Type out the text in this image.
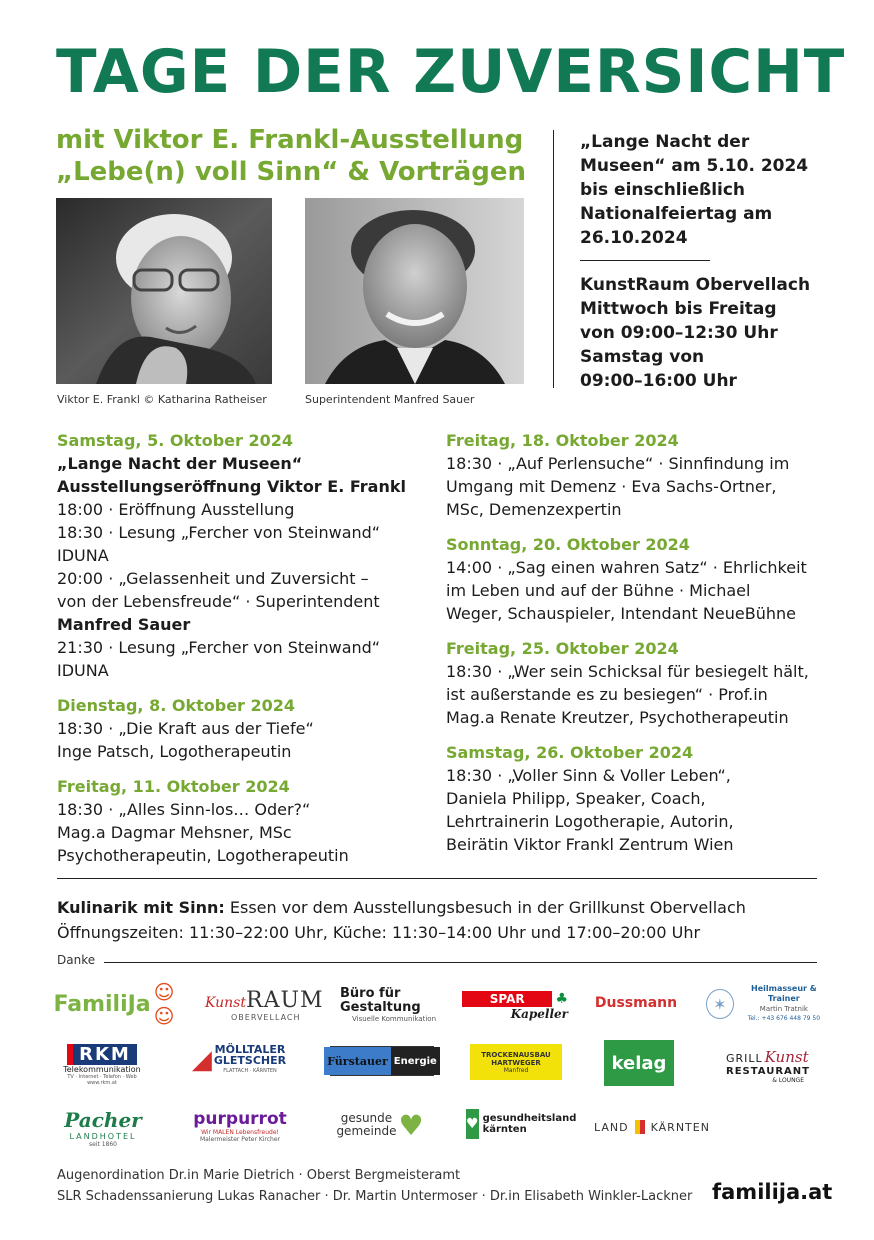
TAGE DER ZUVERSICHT
mit Viktor E. Frankl-Ausstellung
„Lebe(n) voll Sinn“ & Vorträgen
„Lange Nacht der
Museen“ am 5.10. 2024
bis einschließlich
Nationalfeiertag am
26.10.2024
KunstRaum Obervellach
Mittwoch bis Freitag
von 09:00–12:30 Uhr
Samstag von
09:00–16:00 Uhr
Viktor E. Frankl © Katharina Ratheiser	Superintendent Manfred Sauer
Samstag, 5. Oktober 2024
„Lange Nacht der Museen“
Ausstellungseröffnung Viktor E. Frankl
18:00 · Eröffnung Ausstellung
18:30 · Lesung „Fercher von Steinwand“
IDUNA
20:00 · „Gelassenheit und Zuversicht –
von der Lebensfreude“ · Superintendent
Manfred Sauer
21:30 · Lesung „Fercher von Steinwand“
IDUNA
Dienstag, 8. Oktober 2024
18:30 · „Die Kraft aus der Tiefe“
Inge Patsch, Logotherapeutin
Freitag, 11. Oktober 2024
18:30 · „Alles Sinn-los… Oder?“
Mag.a Dagmar Mehsner, MSc
Psychotherapeutin, Logotherapeutin
Freitag, 18. Oktober 2024
18:30 · „Auf Perlensuche“ · Sinnfindung im
Umgang mit Demenz · Eva Sachs-Ortner,
MSc, Demenzexpertin
Sonntag, 20. Oktober 2024
14:00 · „Sag einen wahren Satz“ · Ehrlichkeit
im Leben und auf der Bühne · Michael
Weger, Schauspieler, Intendant NeueBühne
Freitag, 25. Oktober 2024
18:30 · „Wer sein Schicksal für besiegelt hält,
ist außerstande es zu besiegen“ · Prof.in
Mag.a Renate Kreutzer, Psychotherapeutin
Samstag, 26. Oktober 2024
18:30 · „Voller Sinn & Voller Leben“,
Daniela Philipp, Speaker, Coach,
Lehrtrainerin Logotherapie, Autorin,
Beirätin Viktor Frankl Zentrum Wien
Kulinarik mit Sinn: Essen vor dem Ausstellungsbesuch in der Grillkunst Obervellach
Öffnungszeiten: 11:30–22:00 Uhr, Küche: 11:30–14:00 Uhr und 17:00–20:00 Uhr
Danke
FamiliJa ☺☺
KunstRAUM
OBERVELLACH
Büro für
Gestaltung
Visuelle Kommunikation
SPAR	♣
Kapeller
Dussmann	✶
Heilmasseur & Trainer
Martin Tratnik
Tel.: +43 676 448 79 50
RKM
Telekommunikation
TV · Internet · Telefon · Web
www.rkm.at
◢ MÖLLTALER
GLETSCHER
FLATTACH · KÄRNTEN
Fürstauer Energie
TROCKENAUSBAU
HARTWEGER
Manfred	kelag	GRILL Kunst
RESTAURANT
& LOUNGE
Pacher
LANDHOTEL
seit 1860
purpurrot
Wir MALEN Lebensfreude!
Malermeister Peter Kircher
gesunde
gemeinde ♥	♥ gesundheitsland
kärnten	LAND KÄRNTEN
Augenordination Dr.in Marie Dietrich · Oberst Bergmeisteramt
SLR Schadenssanierung Lukas Ranacher · Dr. Martin Untermoser · Dr.in Elisabeth Winkler-Lackner familija.at
